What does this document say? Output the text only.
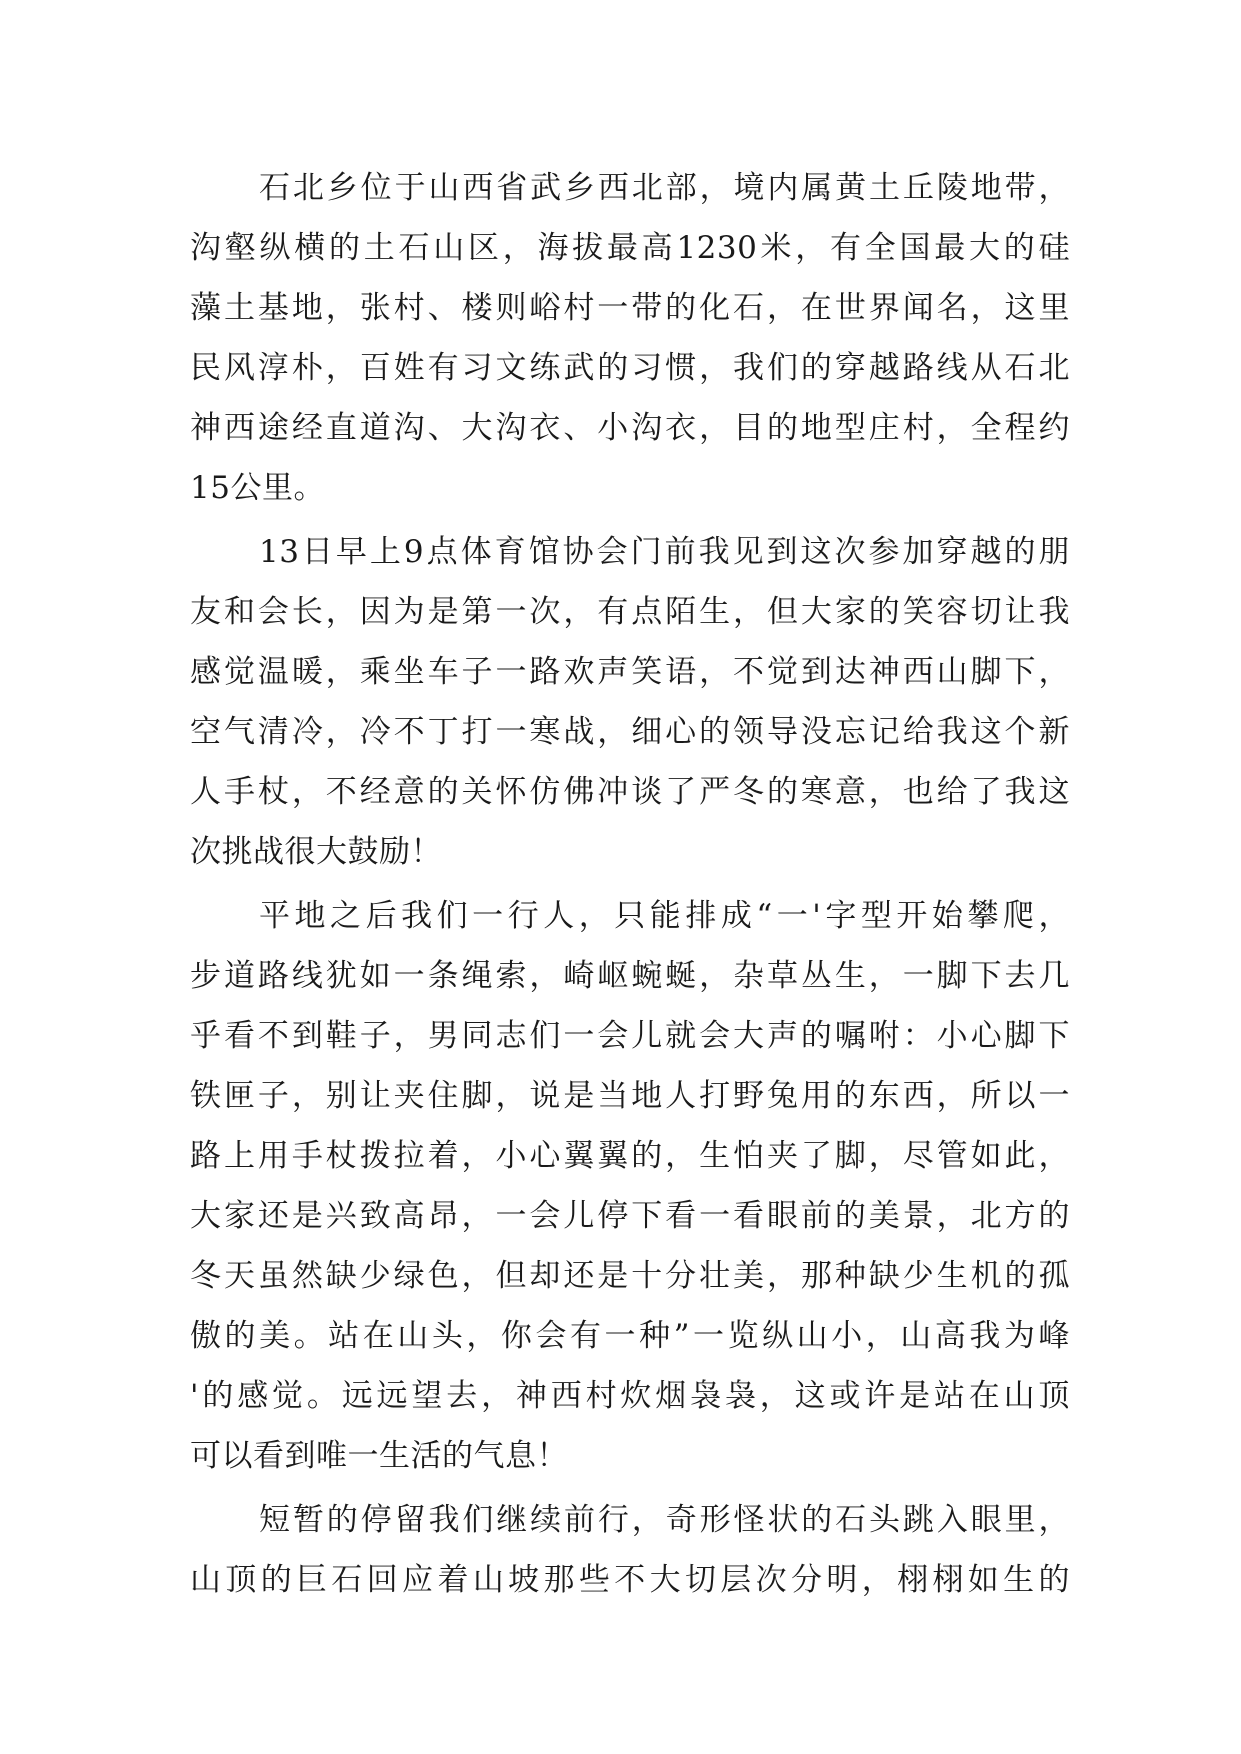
石北乡位于山西省武乡西北部，境内属黄土丘陵地带，
沟壑纵横的土石山区，海拔最高1230米，有全国最大的硅
藻土基地，张村、楼则峪村一带的化石，在世界闻名，这里
民风淳朴，百姓有习文练武的习惯，我们的穿越路线从石北
神西途经直道沟、大沟衣、小沟衣，目的地型庄村，全程约
15公里。
13日早上9点体育馆协会门前我见到这次参加穿越的朋
友和会长，因为是第一次，有点陌生，但大家的笑容切让我
感觉温暖，乘坐车子一路欢声笑语，不觉到达神西山脚下，
空气清冷，冷不丁打一寒战，细心的领导没忘记给我这个新
人手杖，不经意的关怀仿佛冲谈了严冬的寒意，也给了我这
次挑战很大鼓励！
平地之后我们一行人，只能排成“一'字型开始攀爬，
步道路线犹如一条绳索，崎岖蜿蜒，杂草丛生，一脚下去几
乎看不到鞋子，男同志们一会儿就会大声的嘱咐：小心脚下
铁匣子，别让夹住脚，说是当地人打野兔用的东西，所以一
路上用手杖拨拉着，小心翼翼的，生怕夹了脚，尽管如此，
大家还是兴致高昂，一会儿停下看一看眼前的美景，北方的
冬天虽然缺少绿色，但却还是十分壮美，那种缺少生机的孤
傲的美。站在山头，你会有一种”一览纵山小，山高我为峰
'的感觉。远远望去，神西村炊烟袅袅，这或许是站在山顶
可以看到唯一生活的气息！
短暂的停留我们继续前行，奇形怪状的石头跳入眼里，
山顶的巨石回应着山坡那些不大切层次分明，栩栩如生的
